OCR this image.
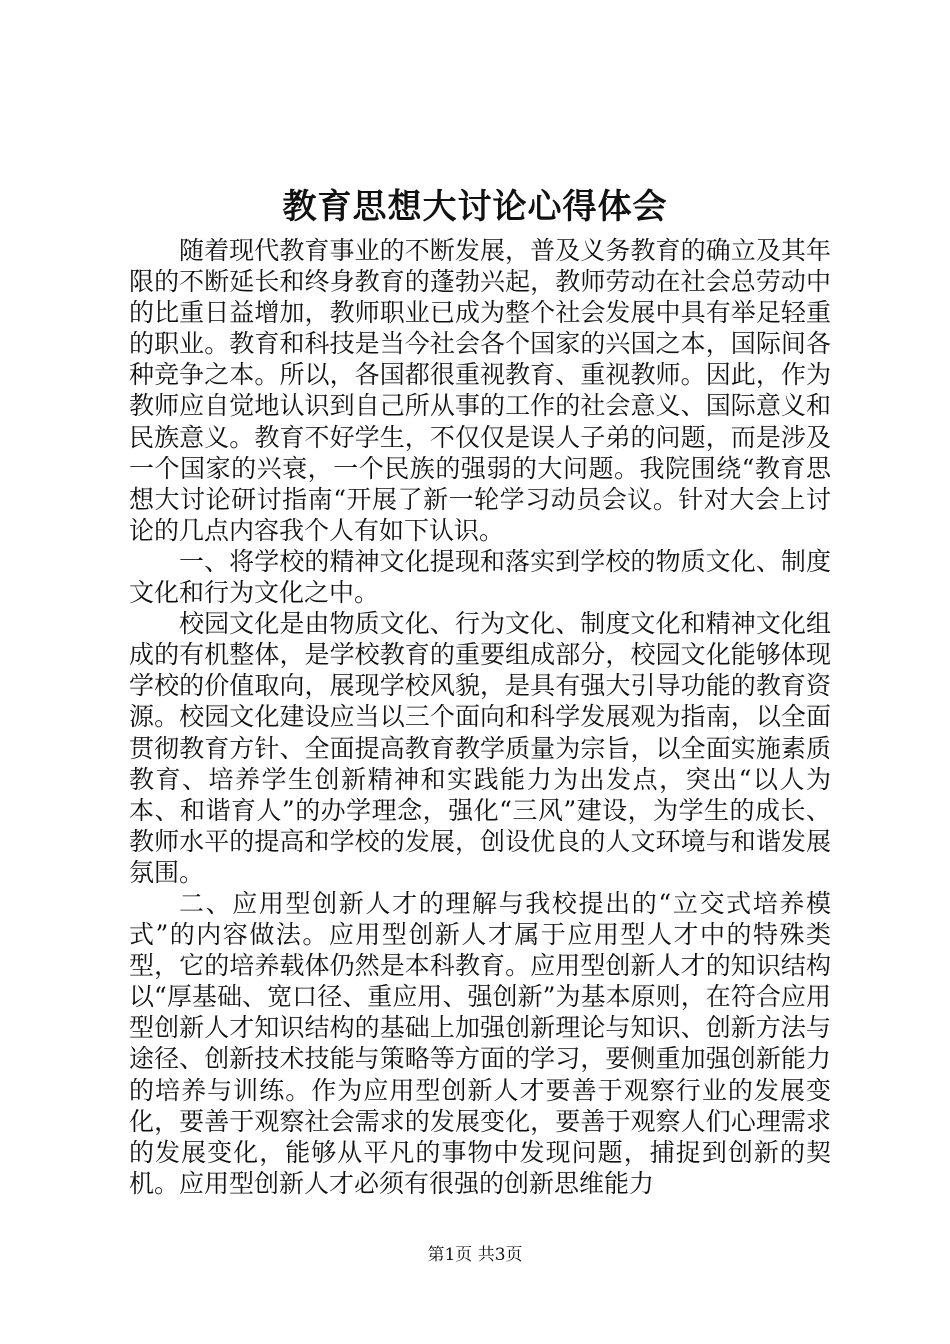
教育思想大讨论心得体会

随着现代教育事业的不断发展，普及义务教育的确立及其年限的不断延长和终身教育的蓬勃兴起，教师劳动在社会总劳动中的比重日益增加，教师职业已成为整个社会发展中具有举足轻重的职业。教育和科技是当今社会各个国家的兴国之本，国际间各种竞争之本。所以，各国都很重视教育、重视教师。因此，作为教师应自觉地认识到自己所从事的工作的社会意义、国际意义和民族意义。教育不好学生，不仅仅是误人子弟的问题，而是涉及一个国家的兴衰，一个民族的强弱的大问题。我院围绕“教育思想大讨论研讨指南“开展了新一轮学习动员会议。针对大会上讨论的几点内容我个人有如下认识。

一、将学校的精神文化提现和落实到学校的物质文化、制度文化和行为文化之中。

校园文化是由物质文化、行为文化、制度文化和精神文化组成的有机整体，是学校教育的重要组成部分，校园文化能够体现学校的价值取向，展现学校风貌，是具有强大引导功能的教育资源。校园文化建设应当以三个面向和科学发展观为指南，以全面贯彻教育方针、全面提高教育教学质量为宗旨，以全面实施素质教育、培养学生创新精神和实践能力为出发点，突出“以人为本、和谐育人”的办学理念，强化“三风”建设，为学生的成长、教师水平的提高和学校的发展，创设优良的人文环境与和谐发展氛围。

二、应用型创新人才的理解与我校提出的“立交式培养模式”的内容做法。应用型创新人才属于应用型人才中的特殊类型，它的培养载体仍然是本科教育。应用型创新人才的知识结构以“厚基础、宽口径、重应用、强创新”为基本原则，在符合应用型创新人才知识结构的基础上加强创新理论与知识、创新方法与途径、创新技术技能与策略等方面的学习，要侧重加强创新能力的培养与训练。作为应用型创新人才要善于观察行业的发展变化，要善于观察社会需求的发展变化，要善于观察人们心理需求的发展变化，能够从平凡的事物中发现问题，捕捉到创新的契机。应用型创新人才必须有很强的创新思维能力

第1页 共3页
